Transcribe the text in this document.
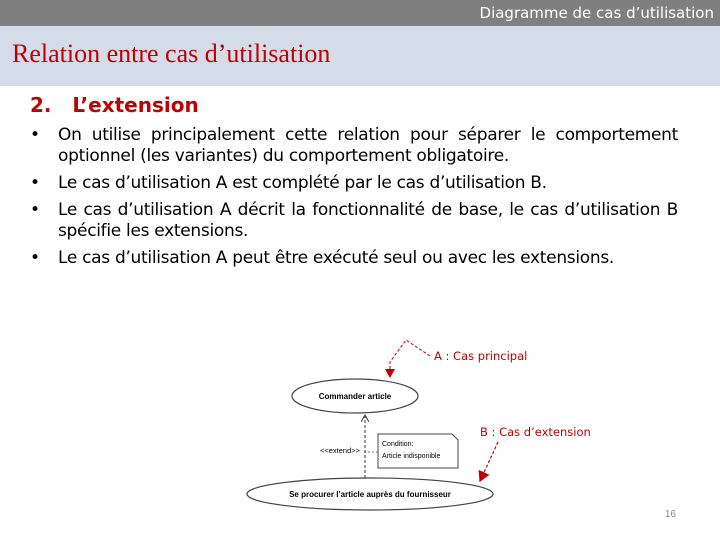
Diagramme de cas d’utilisation
Relation entre cas d’utilisation
2.   L’extension
•	On utilise principalement cette relation pour séparer le comportement optionnel (les variantes) du comportement obligatoire.
•	Le cas d’utilisation A est complété par le cas d’utilisation B.
•	Le cas d’utilisation A décrit la fonctionnalité de base, le cas d’utilisation B spécifie les extensions.
•	Le cas d’utilisation A peut être exécuté seul ou avec les extensions.
Commander article
Se procurer l’article auprès du fournisseur
<<extend>>
Condition:
Article indisponible
A : Cas principal
B : Cas d’extension
16
